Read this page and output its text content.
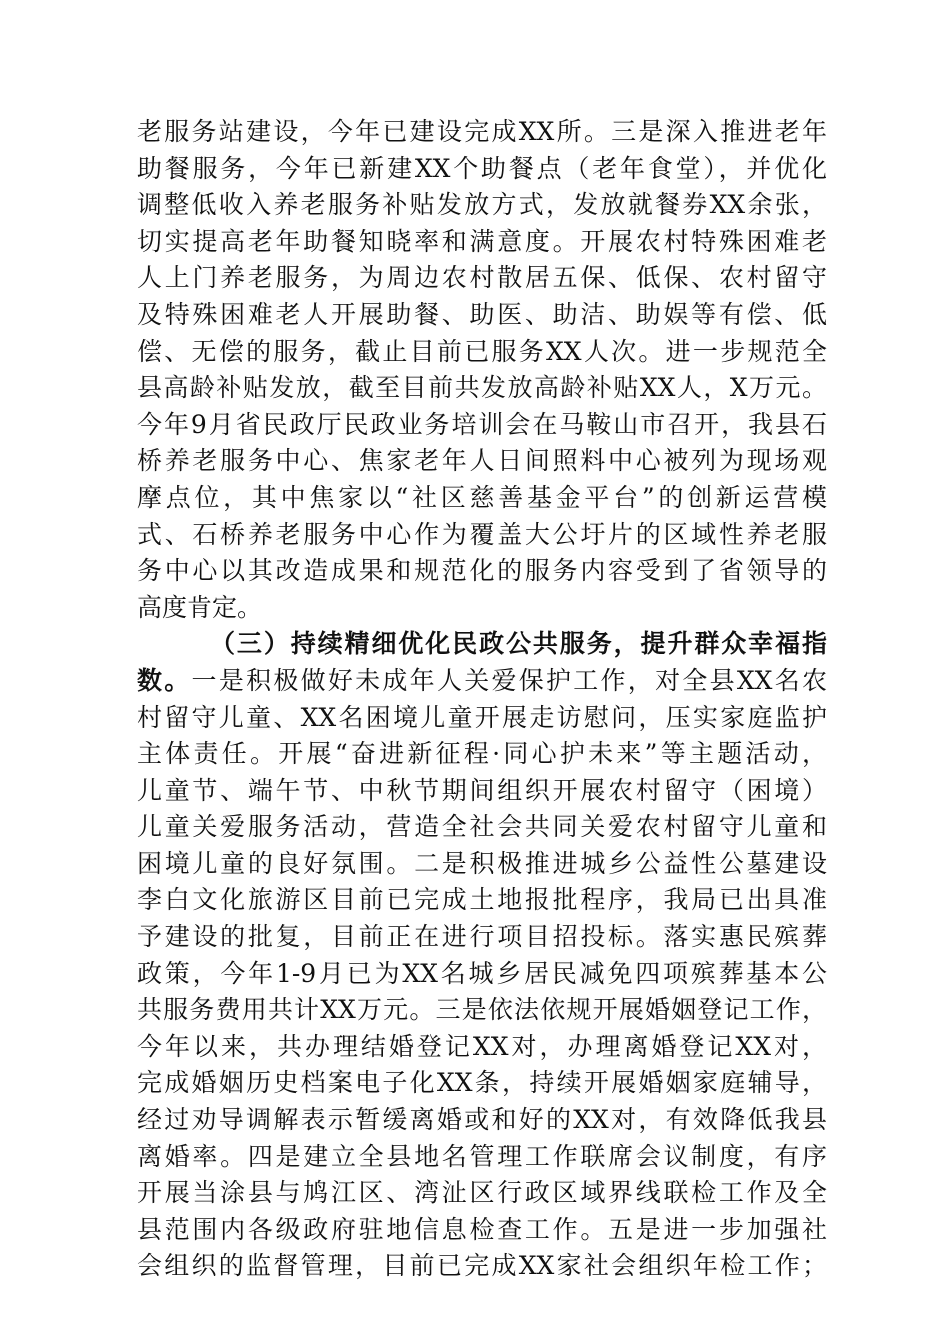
老服务站建设，今年已建设完成XX所。三是深入推进老年
助餐服务，今年已新建XX个助餐点（老年食堂），并优化
调整低收入养老服务补贴发放方式，发放就餐券XX余张，
切实提高老年助餐知晓率和满意度。开展农村特殊困难老
人上门养老服务，为周边农村散居五保、低保、农村留守
及特殊困难老人开展助餐、助医、助洁、助娱等有偿、低
偿、无偿的服务，截止目前已服务XX人次。进一步规范全
县高龄补贴发放，截至目前共发放高龄补贴XX人，X万元。
今年9月省民政厅民政业务培训会在马鞍山市召开，我县石
桥养老服务中心、焦家老年人日间照料中心被列为现场观
摩点位，其中焦家以“社区慈善基金平台”的创新运营模
式、石桥养老服务中心作为覆盖大公圩片的区域性养老服
务中心以其改造成果和规范化的服务内容受到了省领导的
高度肯定。
（三）持续精细优化民政公共服务，提升群众幸福指
数。一是积极做好未成年人关爱保护工作，对全县XX名农
村留守儿童、XX名困境儿童开展走访慰问，压实家庭监护
主体责任。开展“奋进新征程·同心护未来”等主题活动，
儿童节、端午节、中秋节期间组织开展农村留守（困境）
儿童关爱服务活动，营造全社会共同关爱农村留守儿童和
困境儿童的良好氛围。二是积极推进城乡公益性公墓建设
李白文化旅游区目前已完成土地报批程序，我局已出具准
予建设的批复，目前正在进行项目招投标。落实惠民殡葬
政策，今年1-9月已为XX名城乡居民减免四项殡葬基本公
共服务费用共计XX万元。三是依法依规开展婚姻登记工作，
今年以来，共办理结婚登记XX对，办理离婚登记XX对，
完成婚姻历史档案电子化XX条，持续开展婚姻家庭辅导，
经过劝导调解表示暂缓离婚或和好的XX对，有效降低我县
离婚率。四是建立全县地名管理工作联席会议制度，有序
开展当涂县与鸠江区、湾沚区行政区域界线联检工作及全
县范围内各级政府驻地信息检查工作。五是进一步加强社
会组织的监督管理，目前已完成XX家社会组织年检工作；
